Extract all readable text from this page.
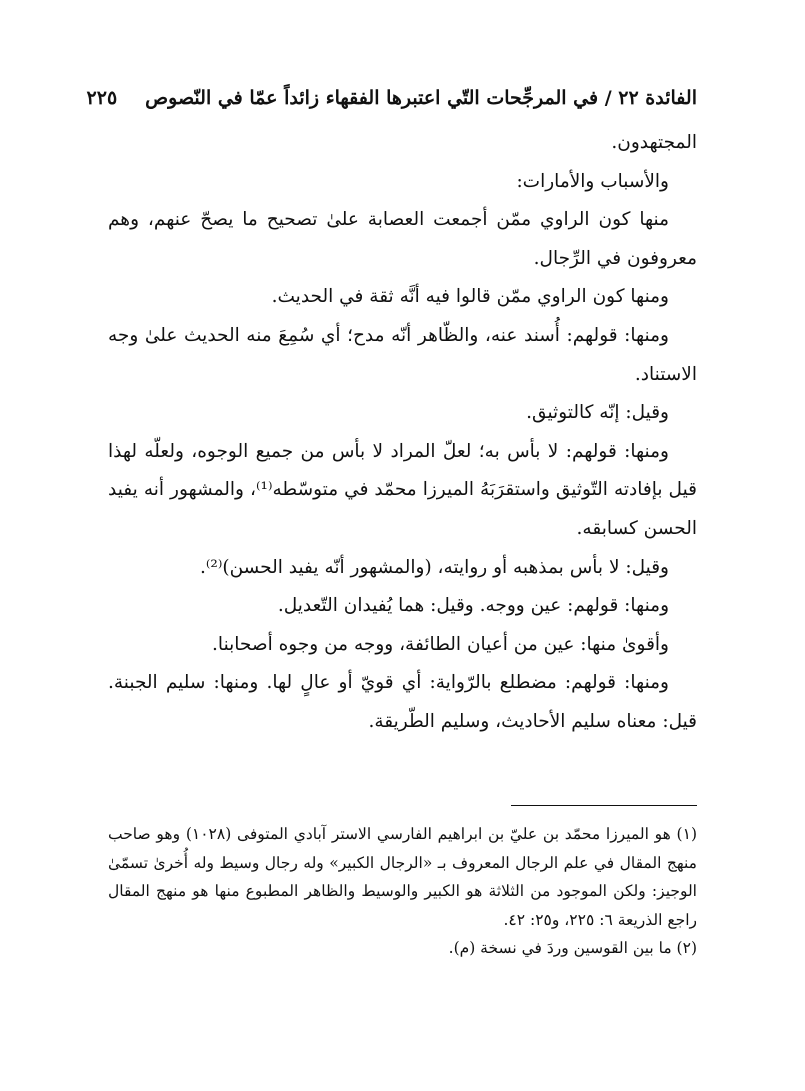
الفائدة ٢٢ / في المرجِّحات التّي اعتبرها الفقهاء زائداً عمّا في النّصوص
٢٢٥

المجتهدون.

والأسباب والأمارات:

منها كون الراوي ممّن أجمعت العصابة علىٰ تصحيح ما يصحّ عنهم، وهم معروفون في الرِّجال.

ومنها كون الراوي ممّن قالوا فيه أنَّه ثقة في الحديث.

ومنها: قولهم: أُسند عنه، والظّاهر أنّه مدح؛ أي سُمِعَ منه الحديث علىٰ وجه الاستناد.

وقيل: إنّه كالتوثيق.

ومنها: قولهم: لا بأس به؛ لعلّ المراد لا بأس من جميع الوجوه، ولعلّه لهذا قيل بإفادته التّوثيق واستقرَبَهُ الميرزا محمّد في متوسّطه⁽¹⁾، والمشهور أنه يفيد الحسن كسابقه.

وقيل: لا بأس بمذهبه أو روايته، (والمشهور أنّه يفيد الحسن)⁽²⁾.

ومنها: قولهم: عين ووجه. وقيل: هما يُفيدان التّعديل.

وأقوىٰ منها: عين من أعيان الطائفة، ووجه من وجوه أصحابنا.

ومنها: قولهم: مضطلع بالرّواية: أي قويّ أو عالٍ لها. ومنها: سليم الجبنة. قيل: معناه سليم الأحاديث، وسليم الطّريقة.

(١) هو الميرزا محمّد بن عليّ بن ابراهيم الفارسي الاستر آبادي المتوفى (١٠٢٨) وهو صاحب منهج المقال في علم الرجال المعروف بـ «الرجال الكبير» وله رجال وسيط وله أُخرىٰ تسمّىٰ الوجيز: ولكن الموجود من الثلاثة هو الكبير والوسيط والظاهر المطبوع منها هو منهج المقال راجع الذريعة ٦: ٢٢٥، و٢٥: ٤٢.

(٢) ما بين القوسين وردَ في نسخة (م).
